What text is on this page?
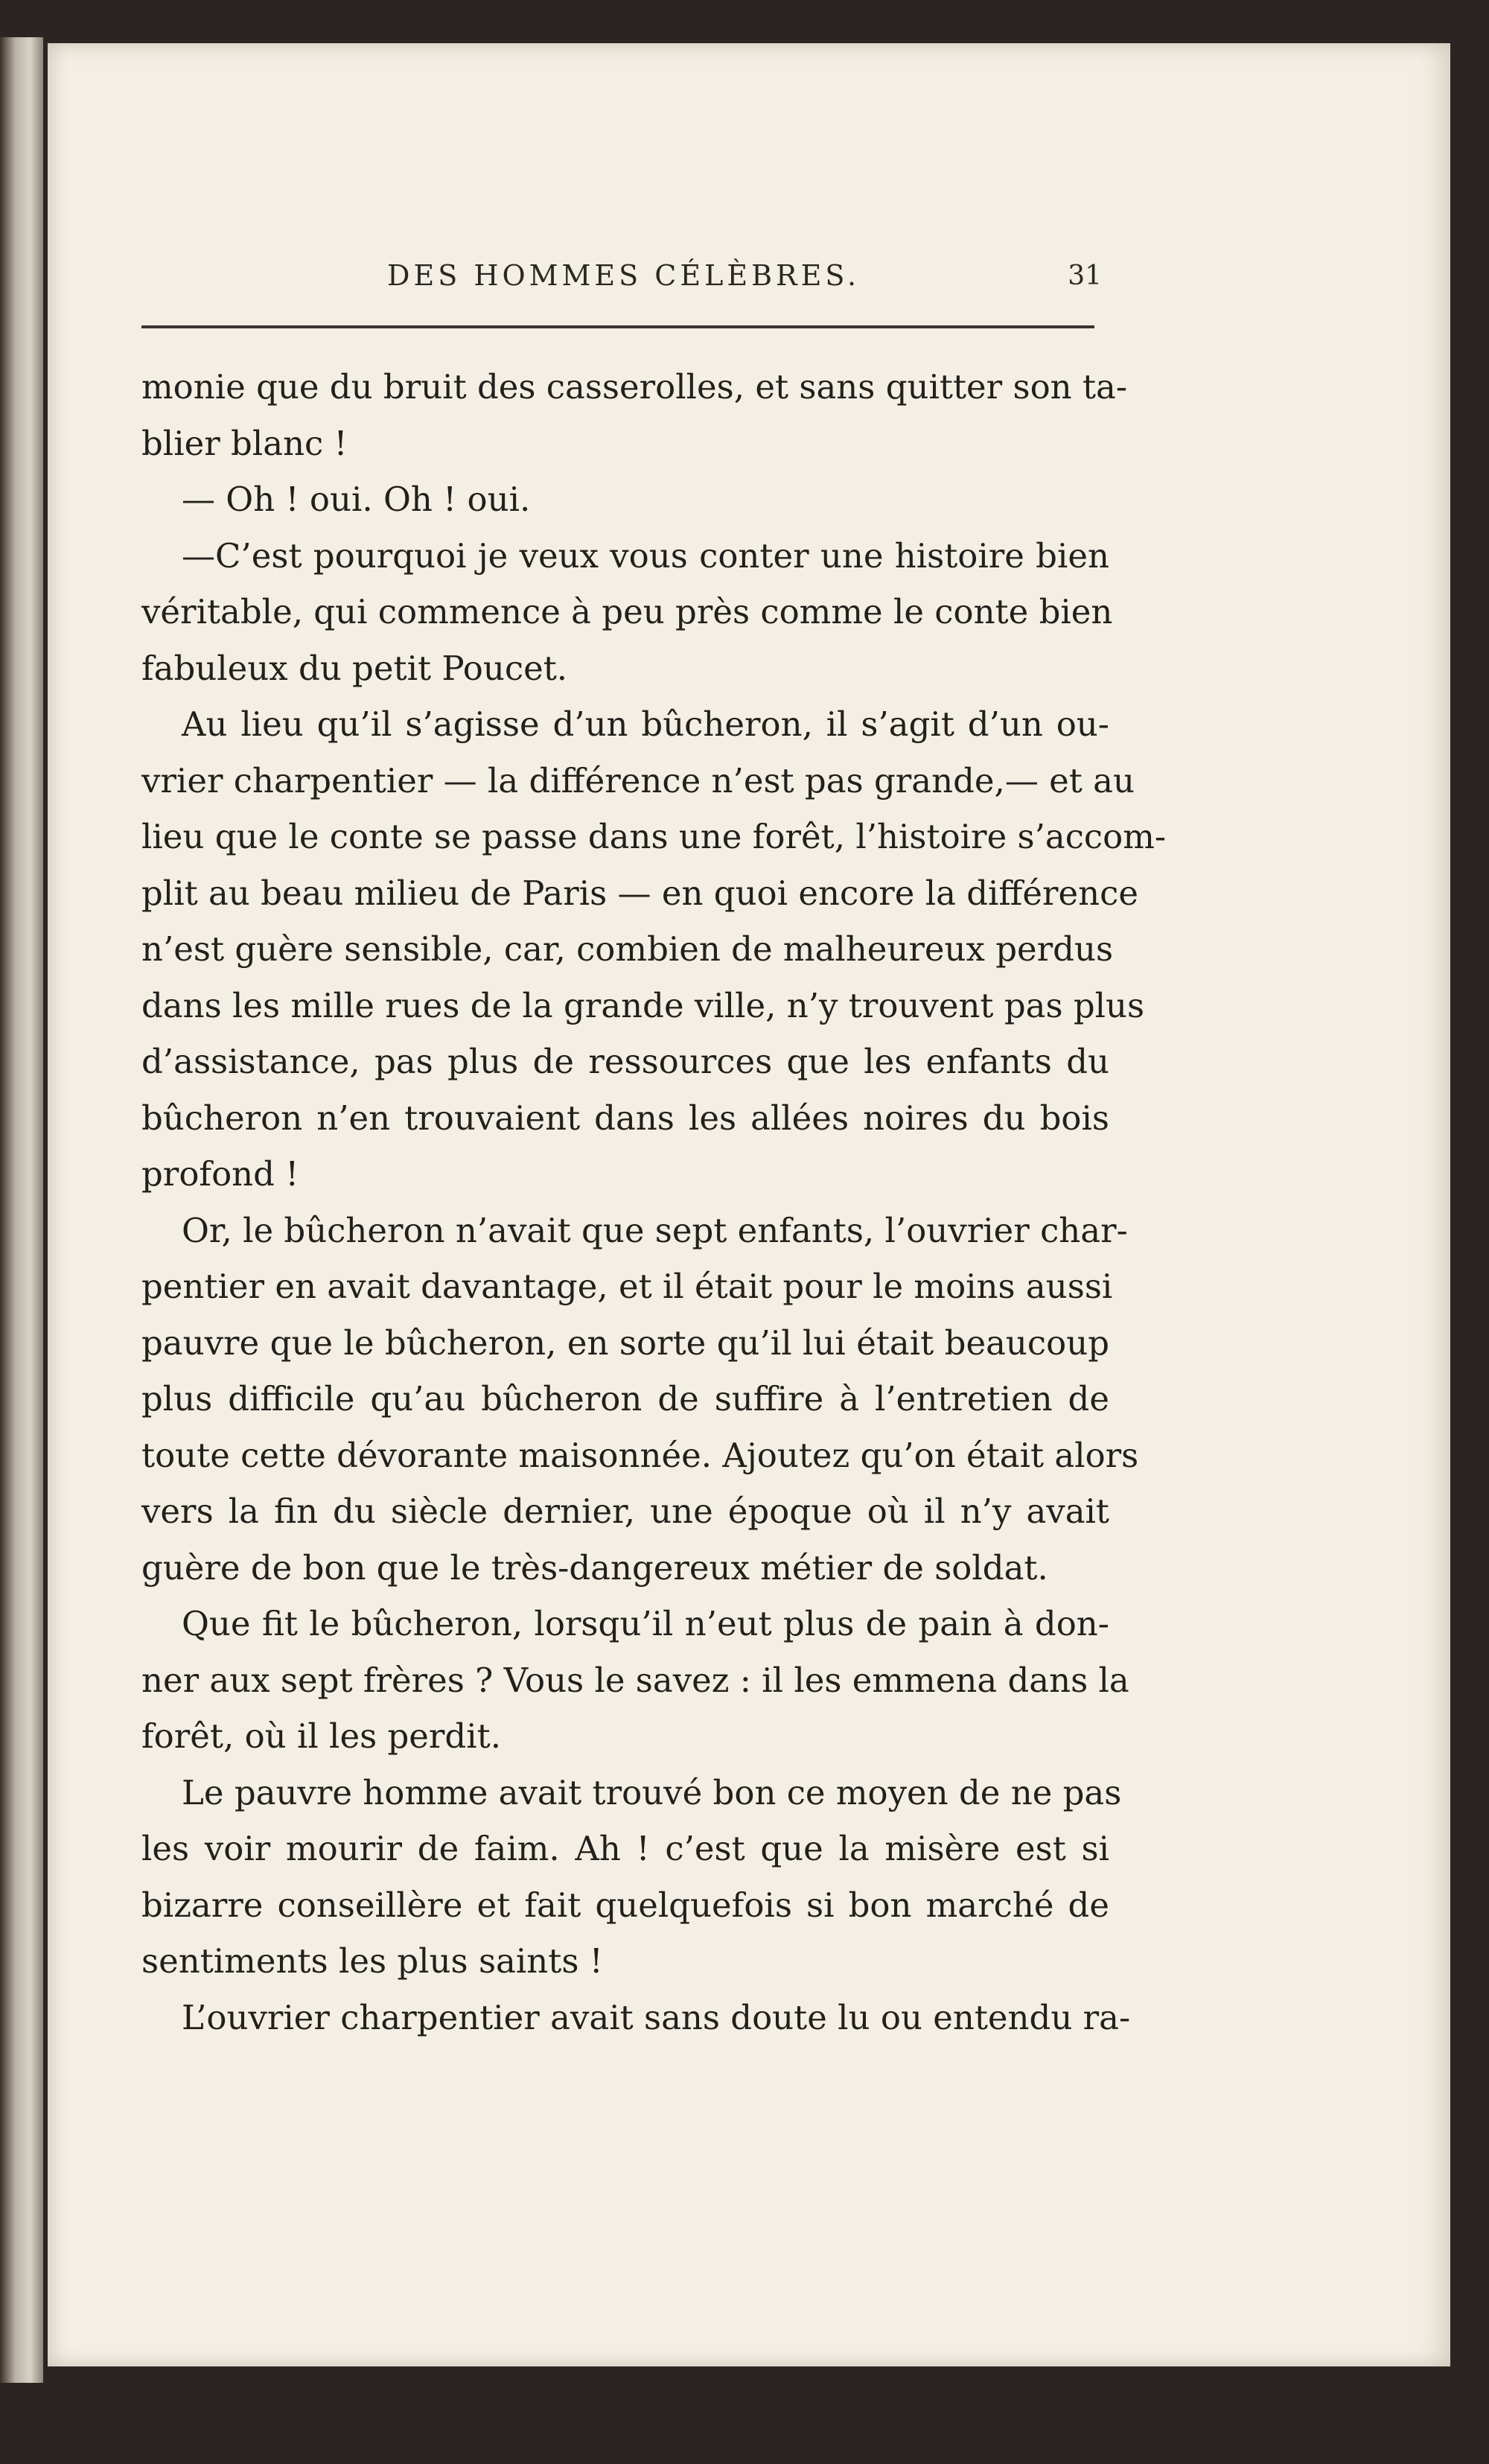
DES HOMMES CÉLÈBRES.	31
monie que du bruit des casserolles, et sans quitter son ta-
blier blanc !
— Oh ! oui. Oh ! oui.
—C’est pourquoi je veux vous conter une histoire bien
véritable, qui commence à peu près comme le conte bien
fabuleux du petit Poucet.
Au lieu qu’il s’agisse d’un bûcheron, il s’agit d’un ou-
vrier charpentier — la différence n’est pas grande,— et au
lieu que le conte se passe dans une forêt, l’histoire s’accom-
plit au beau milieu de Paris — en quoi encore la différence
n’est guère sensible, car, combien de malheureux perdus
dans les mille rues de la grande ville, n’y trouvent pas plus
d’assistance, pas plus de ressources que les enfants du
bûcheron n’en trouvaient dans les allées noires du bois
profond !
Or, le bûcheron n’avait que sept enfants, l’ouvrier char-
pentier en avait davantage, et il était pour le moins aussi
pauvre que le bûcheron, en sorte qu’il lui était beaucoup
plus difficile qu’au bûcheron de suffire à l’entretien de
toute cette dévorante maisonnée. Ajoutez qu’on était alors
vers la fin du siècle dernier, une époque où il n’y avait
guère de bon que le très-dangereux métier de soldat.
Que fit le bûcheron, lorsqu’il n’eut plus de pain à don-
ner aux sept frères ? Vous le savez : il les emmena dans la
forêt, où il les perdit.
Le pauvre homme avait trouvé bon ce moyen de ne pas
les voir mourir de faim. Ah ! c’est que la misère est si
bizarre conseillère et fait quelquefois si bon marché de
sentiments les plus saints !
L’ouvrier charpentier avait sans doute lu ou entendu ra-
